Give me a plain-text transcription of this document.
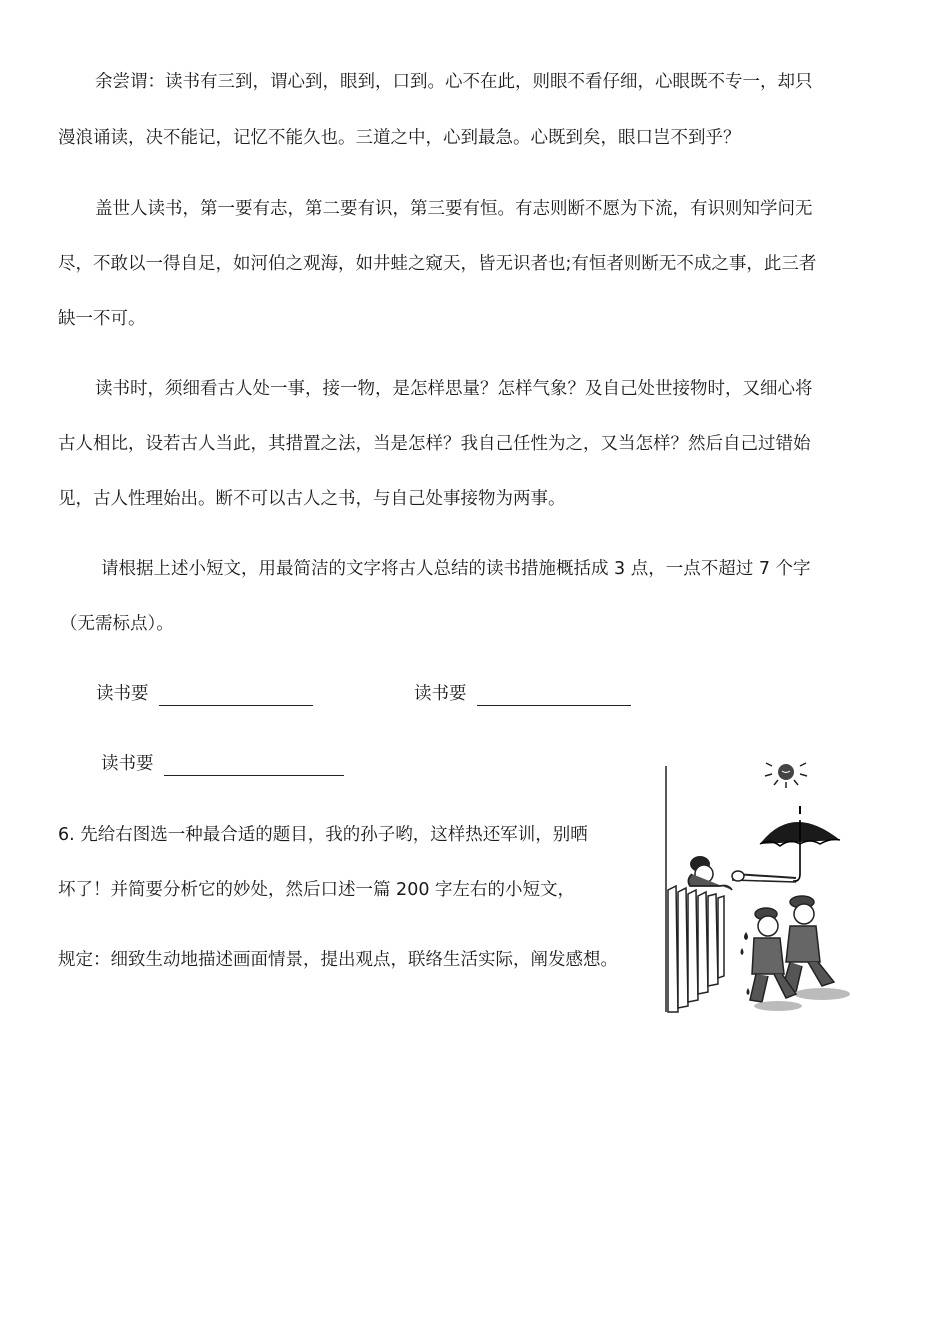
余尝谓：读书有三到，谓心到，眼到，口到。心不在此，则眼不看仔细，心眼既不专一，却只
漫浪诵读，决不能记，记忆不能久也。三道之中，心到最急。心既到矣，眼口岂不到乎？
盖世人读书，第一要有志，第二要有识，第三要有恒。有志则断不愿为下流，有识则知学问无
尽，不敢以一得自足，如河伯之观海，如井蛙之窥天，皆无识者也;有恒者则断无不成之事，此三者
缺一不可。
读书时，须细看古人处一事，接一物，是怎样思量？怎样气象？及自己处世接物时，又细心将
古人相比，设若古人当此，其措置之法，当是怎样？我自己任性为之，又当怎样？然后自己过错始
见，古人性理始出。断不可以古人之书，与自己处事接物为两事。
请根据上述小短文，用最简洁的文字将古人总结的读书措施概括成 3 点，一点不超过 7 个字
（无需标点）。
读书要	读书要
读书要
6. 先给右图选一种最合适的题目，我的孙子哟，这样热还军训，别晒
坏了！并简要分析它的妙处，然后口述一篇 200 字左右的小短文，
规定：细致生动地描述画面情景，提出观点，联络生活实际，阐发感想。
